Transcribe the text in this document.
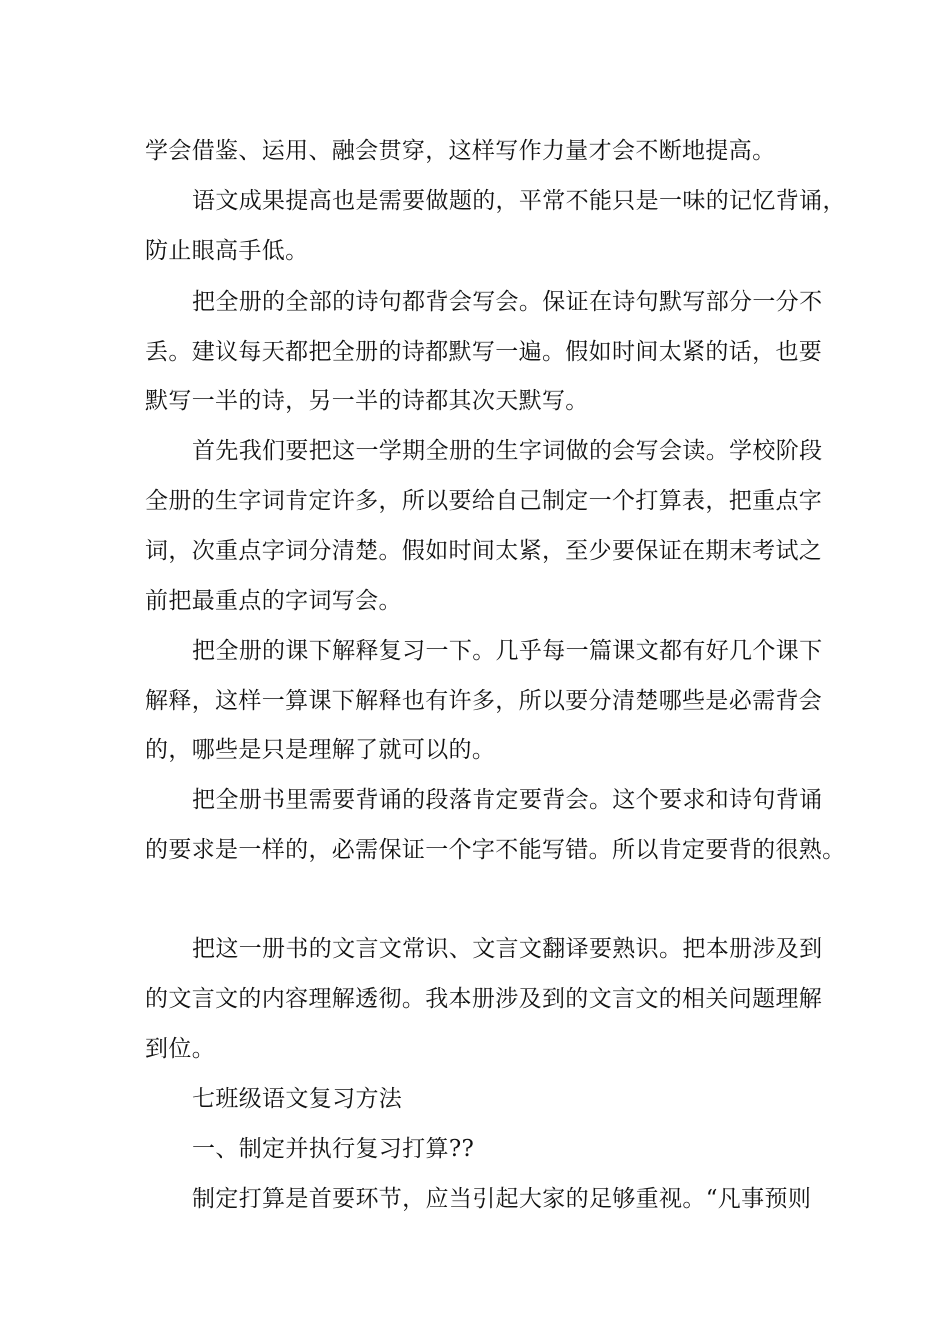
学会借鉴、运用、融会贯穿，这样写作力量才会不断地提高。
语文成果提高也是需要做题的，平常不能只是一味的记忆背诵，
防止眼高手低。
把全册的全部的诗句都背会写会。保证在诗句默写部分一分不
丢。建议每天都把全册的诗都默写一遍。假如时间太紧的话，也要
默写一半的诗，另一半的诗都其次天默写。
首先我们要把这一学期全册的生字词做的会写会读。学校阶段
全册的生字词肯定许多，所以要给自己制定一个打算表，把重点字
词，次重点字词分清楚。假如时间太紧，至少要保证在期末考试之
前把最重点的字词写会。
把全册的课下解释复习一下。几乎每一篇课文都有好几个课下
解释，这样一算课下解释也有许多，所以要分清楚哪些是必需背会
的，哪些是只是理解了就可以的。
把全册书里需要背诵的段落肯定要背会。这个要求和诗句背诵
的要求是一样的，必需保证一个字不能写错。所以肯定要背的很熟。
把这一册书的文言文常识、文言文翻译要熟识。把本册涉及到
的文言文的内容理解透彻。我本册涉及到的文言文的相关问题理解
到位。
七班级语文复习方法
一、制定并执行复习打算??
制定打算是首要环节，应当引起大家的足够重视。“凡事预则
